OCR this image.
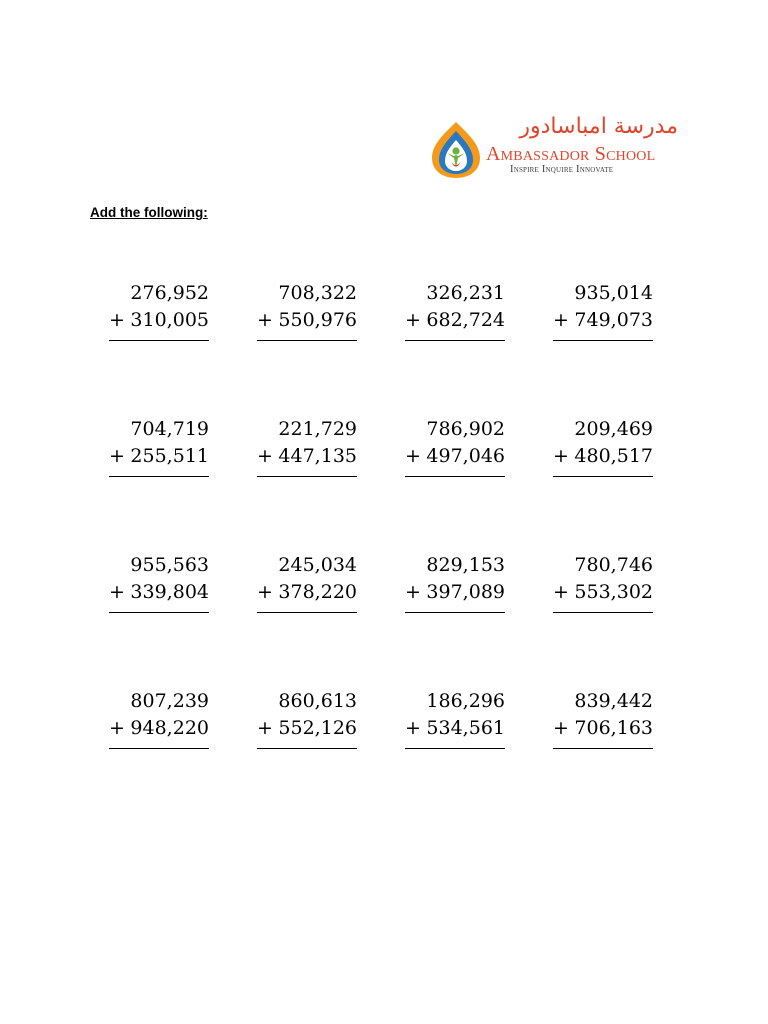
مدرسة امباسادور
Ambassador School
Inspire Inquire Innovate
Add the following:
276,952
+ 310,005
708,322
+ 550,976
326,231
+ 682,724
935,014
+ 749,073
704,719
+ 255,511
221,729
+ 447,135
786,902
+ 497,046
209,469
+ 480,517
955,563
+ 339,804
245,034
+ 378,220
829,153
+ 397,089
780,746
+ 553,302
807,239
+ 948,220
860,613
+ 552,126
186,296
+ 534,561
839,442
+ 706,163
